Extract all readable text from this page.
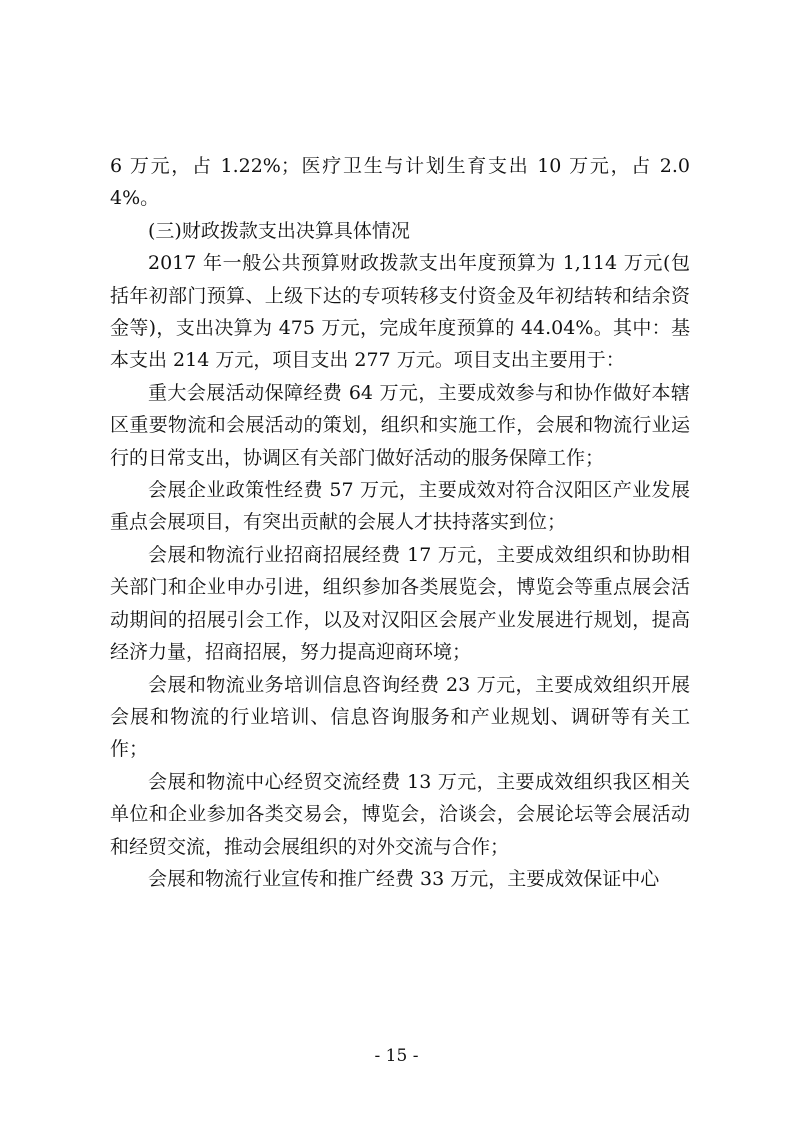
6 万元，占 1.22%；医疗卫生与计划生育支出 10 万元，占 2.04%。

(三)财政拨款支出决算具体情况

2017 年一般公共预算财政拨款支出年度预算为 1,114 万元(包括年初部门预算、上级下达的专项转移支付资金及年初结转和结余资金等)，支出决算为 475 万元，完成年度预算的 44.04%。其中：基本支出 214 万元，项目支出 277 万元。项目支出主要用于：

重大会展活动保障经费 64 万元，主要成效参与和协作做好本辖区重要物流和会展活动的策划，组织和实施工作，会展和物流行业运行的日常支出，协调区有关部门做好活动的服务保障工作；

会展企业政策性经费 57 万元，主要成效对符合汉阳区产业发展重点会展项目，有突出贡献的会展人才扶持落实到位；

会展和物流行业招商招展经费 17 万元，主要成效组织和协助相关部门和企业申办引进，组织参加各类展览会，博览会等重点展会活动期间的招展引会工作，以及对汉阳区会展产业发展进行规划，提高经济力量，招商招展，努力提高迎商环境；

会展和物流业务培训信息咨询经费 23 万元，主要成效组织开展会展和物流的行业培训、信息咨询服务和产业规划、调研等有关工作；

会展和物流中心经贸交流经费 13 万元，主要成效组织我区相关单位和企业参加各类交易会，博览会，洽谈会，会展论坛等会展活动和经贸交流，推动会展组织的对外交流与合作；

会展和物流行业宣传和推广经费 33 万元，主要成效保证中心

- 15 -
